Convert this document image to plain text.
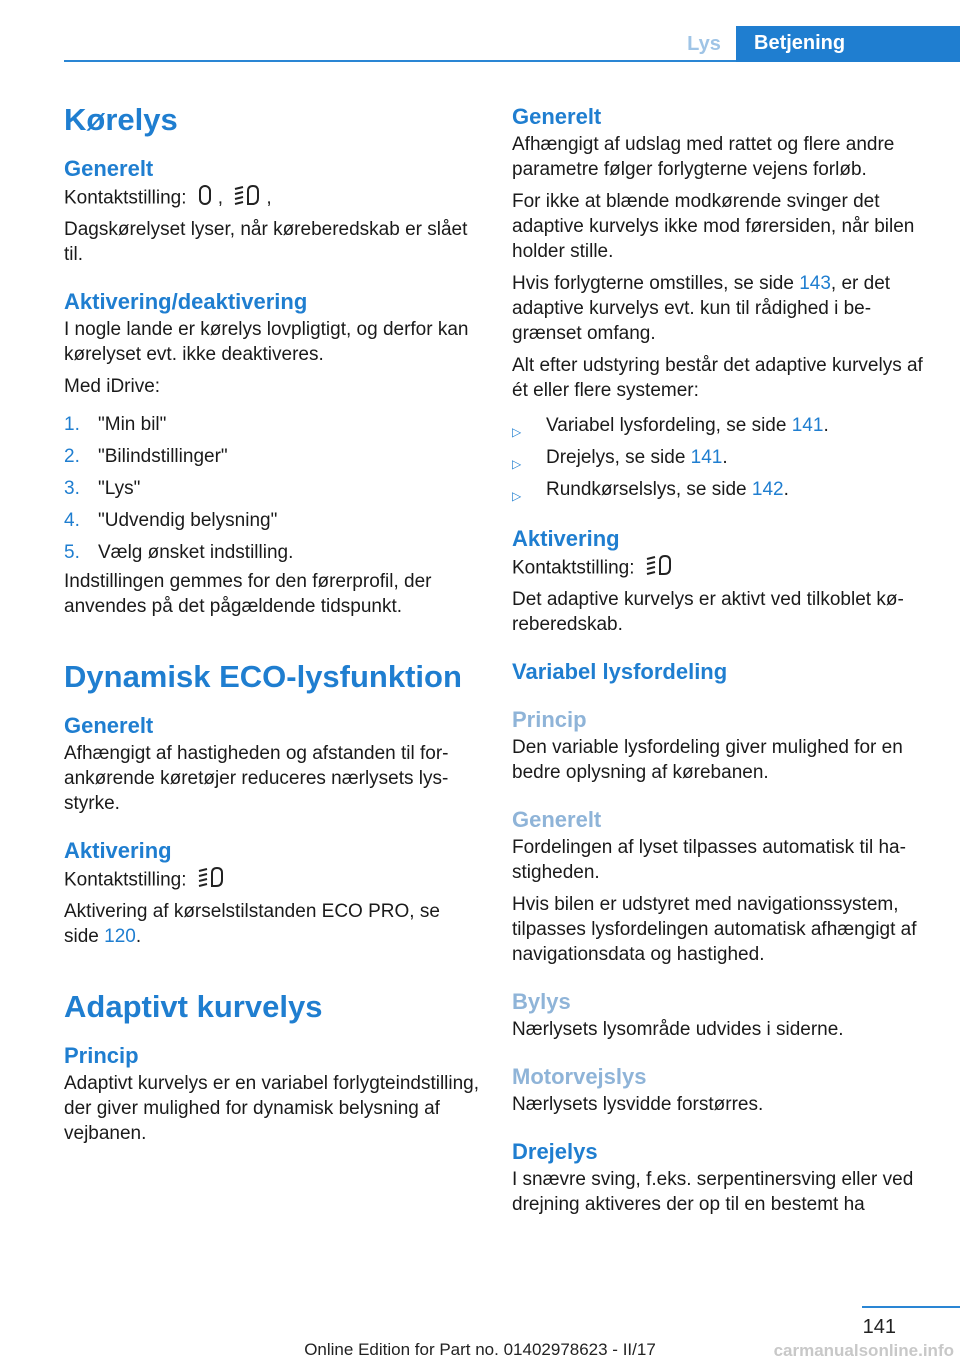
Lys	Betjening
Kørelys
Generelt

Kontaktstilling: , ,

Dagskørelyset lyser, når køreberedskab er slået til.

Aktivering/deaktivering

I nogle lande er kørelys lovpligtigt, og derfor kan kørelyset evt. ikke deaktiveres.

Med iDrive:

1. "Min bil"
2. "Bilindstillinger"
3. "Lys"
4. "Udvendig belysning"
5. Vælg ønsket indstilling.

Indstillingen gemmes for den førerprofil, der anvendes på det pågældende tidspunkt.

Dynamisk ECO-lysfunktion
Generelt

Afhængigt af hastigheden og afstanden til forankørende køretøjer reduceres nærlysets lysstyrke.

Aktivering

Kontaktstilling:

Aktivering af kørselstilstanden ECO PRO, se side 120.

Adaptivt kurvelys
Princip

Adaptivt kurvelys er en variabel forlygteindstilling, der giver mulighed for dynamisk belysning af vejbanen.

Generelt

Afhængigt af udslag med rattet og flere andre parametre følger forlygterne vejens forløb.

For ikke at blænde modkørende svinger det adaptive kurvelys ikke mod førersiden, når bilen holder stille.

Hvis forlygterne omstilles, se side 143, er det adaptive kurvelys evt. kun til rådighed i begrænset omfang.

Alt efter udstyring består det adaptive kurvelys af ét eller flere systemer:

▷ Variabel lysfordeling, se side 141.
▷ Drejelys, se side 141.
▷ Rundkørselslys, se side 142.
Aktivering

Kontaktstilling:

Det adaptive kurvelys er aktivt ved tilkoblet køreberedskab.

Variabel lysfordeling
Princip

Den variable lysfordeling giver mulighed for en bedre oplysning af kørebanen.

Generelt

Fordelingen af lyset tilpasses automatisk til hastigheden.

Hvis bilen er udstyret med navigationssystem, tilpasses lysfordelingen automatisk afhængigt af navigationsdata og hastighed.

Bylys

Nærlysets lysområde udvides i siderne.

Motorvejslys

Nærlysets lysvidde forstørres.

Drejelys

I snævre sving, f.eks. serpentinersving eller ved drejning aktiveres der op til en bestemt ha

141
Online Edition for Part no. 01402978623 - II/17	carmanualsonline.info
